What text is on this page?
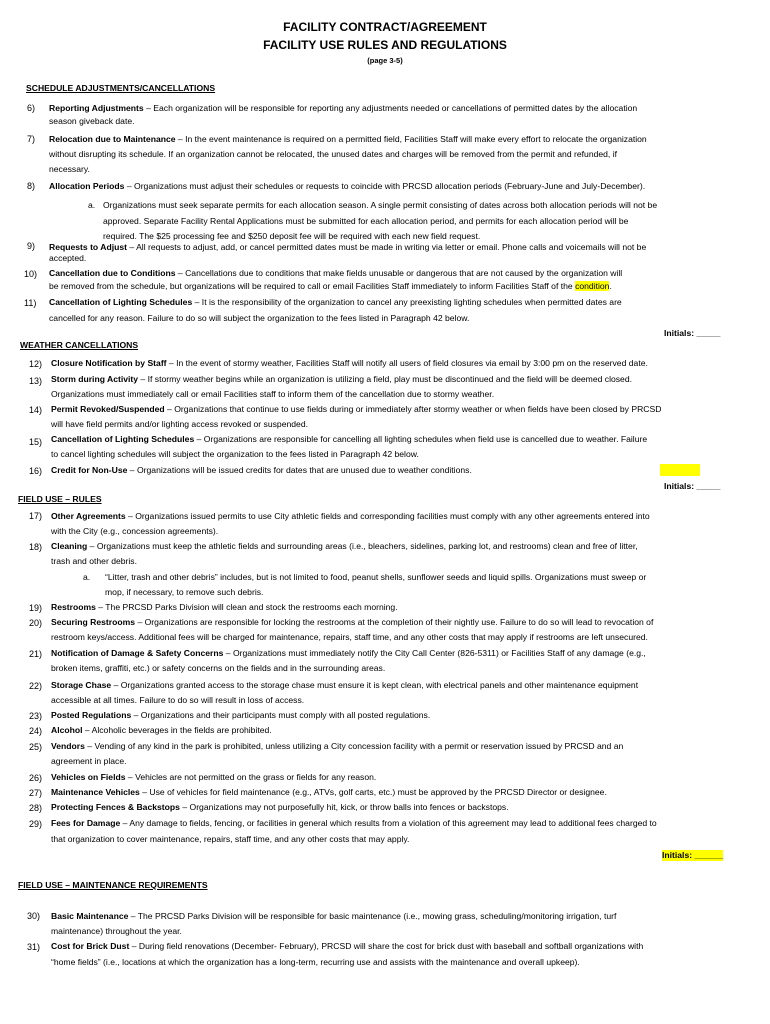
FACILITY CONTRACT/AGREEMENT
FACILITY USE RULES AND REGULATIONS
(page 3-5)
SCHEDULE ADJUSTMENTS/CANCELLATIONS
6) Reporting Adjustments – Each organization will be responsible for reporting any adjustments needed or cancellations of permitted dates by the allocation
season giveback date.
7) Relocation due to Maintenance – In the event maintenance is required on a permitted field, Facilities Staff will make every effort to relocate the organization
without disrupting its schedule. If an organization cannot be relocated, the unused dates and charges will be removed from the permit and refunded, if
necessary.
8) Allocation Periods – Organizations must adjust their schedules or requests to coincide with PRCSD allocation periods (February-June and July-December).
a. Organizations must seek separate permits for each allocation season. A single permit consisting of dates across both allocation periods will not be
approved. Separate Facility Rental Applications must be submitted for each allocation period, and permits for each allocation period will be
required. The $25 processing fee and $250 deposit fee will be required with each new field request.
9) Requests to Adjust – All requests to adjust, add, or cancel permitted dates must be made in writing via letter or email. Phone calls and voicemails will not be
accepted.
10) Cancellation due to Conditions – Cancellations due to conditions that make fields unusable or dangerous that are not caused by the organization will
be removed from the schedule, but organizations will be required to call or email Facilities Staff immediately to inform Facilities Staff of the condition.
11) Cancellation of Lighting Schedules – It is the responsibility of the organization to cancel any preexisting lighting schedules when permitted dates are
cancelled for any reason. Failure to do so will subject the organization to the fees listed in Paragraph 42 below.
Initials: _____
WEATHER CANCELLATIONS
12) Closure Notification by Staff – In the event of stormy weather, Facilities Staff will notify all users of field closures via email by 3:00 pm on the reserved date.
13) Storm during Activity – If stormy weather begins while an organization is utilizing a field, play must be discontinued and the field will be deemed closed.
Organizations must immediately call or email Facilities staff to inform them of the cancellation due to stormy weather.
14) Permit Revoked/Suspended – Organizations that continue to use fields during or immediately after stormy weather or when fields have been closed by PRCSD
will have field permits and/or lighting access revoked or suspended.
15) Cancellation of Lighting Schedules – Organizations are responsible for cancelling all lighting schedules when field use is cancelled due to weather. Failure
to cancel lighting schedules will subject the organization to the fees listed in Paragraph 42 below.
16) Credit for Non-Use – Organizations will be issued credits for dates that are unused due to weather conditions.
Initials: _____
FIELD USE – RULES
17) Other Agreements – Organizations issued permits to use City athletic fields and corresponding facilities must comply with any other agreements entered into
with the City (e.g., concession agreements).
18) Cleaning – Organizations must keep the athletic fields and surrounding areas (i.e., bleachers, sidelines, parking lot, and restrooms) clean and free of litter,
trash and other debris.
a. “Litter, trash and other debris” includes, but is not limited to food, peanut shells, sunflower seeds and liquid spills. Organizations must sweep or
mop, if necessary, to remove such debris.
19) Restrooms – The PRCSD Parks Division will clean and stock the restrooms each morning.
20) Securing Restrooms – Organizations are responsible for locking the restrooms at the completion of their nightly use. Failure to do so will lead to revocation of
restroom keys/access. Additional fees will be charged for maintenance, repairs, staff time, and any other costs that may apply if restrooms are left unsecured.
21) Notification of Damage & Safety Concerns – Organizations must immediately notify the City Call Center (826-5311) or Facilities Staff of any damage (e.g.,
broken items, graffiti, etc.) or safety concerns on the fields and in the surrounding areas.
22) Storage Chase – Organizations granted access to the storage chase must ensure it is kept clean, with electrical panels and other maintenance equipment
accessible at all times. Failure to do so will result in loss of access.
23) Posted Regulations – Organizations and their participants must comply with all posted regulations.
24) Alcohol – Alcoholic beverages in the fields are prohibited.
25) Vendors – Vending of any kind in the park is prohibited, unless utilizing a City concession facility with a permit or reservation issued by PRCSD and an
agreement in place.
26) Vehicles on Fields – Vehicles are not permitted on the grass or fields for any reason.
27) Maintenance Vehicles – Use of vehicles for field maintenance (e.g., ATVs, golf carts, etc.) must be approved by the PRCSD Director or designee.
28) Protecting Fences & Backstops – Organizations may not purposefully hit, kick, or throw balls into fences or backstops.
29) Fees for Damage – Any damage to fields, fencing, or facilities in general which results from a violation of this agreement may lead to additional fees charged to
that organization to cover maintenance, repairs, staff time, and any other costs that may apply.
Initials: ______
FIELD USE – MAINTENANCE REQUIREMENTS
30) Basic Maintenance – The PRCSD Parks Division will be responsible for basic maintenance (i.e., mowing grass, scheduling/monitoring irrigation, turf
maintenance) throughout the year.
31) Cost for Brick Dust – During field renovations (December- February), PRCSD will share the cost for brick dust with baseball and softball organizations with
“home fields” (i.e., locations at which the organization has a long-term, recurring use and assists with the maintenance and overall upkeep).
